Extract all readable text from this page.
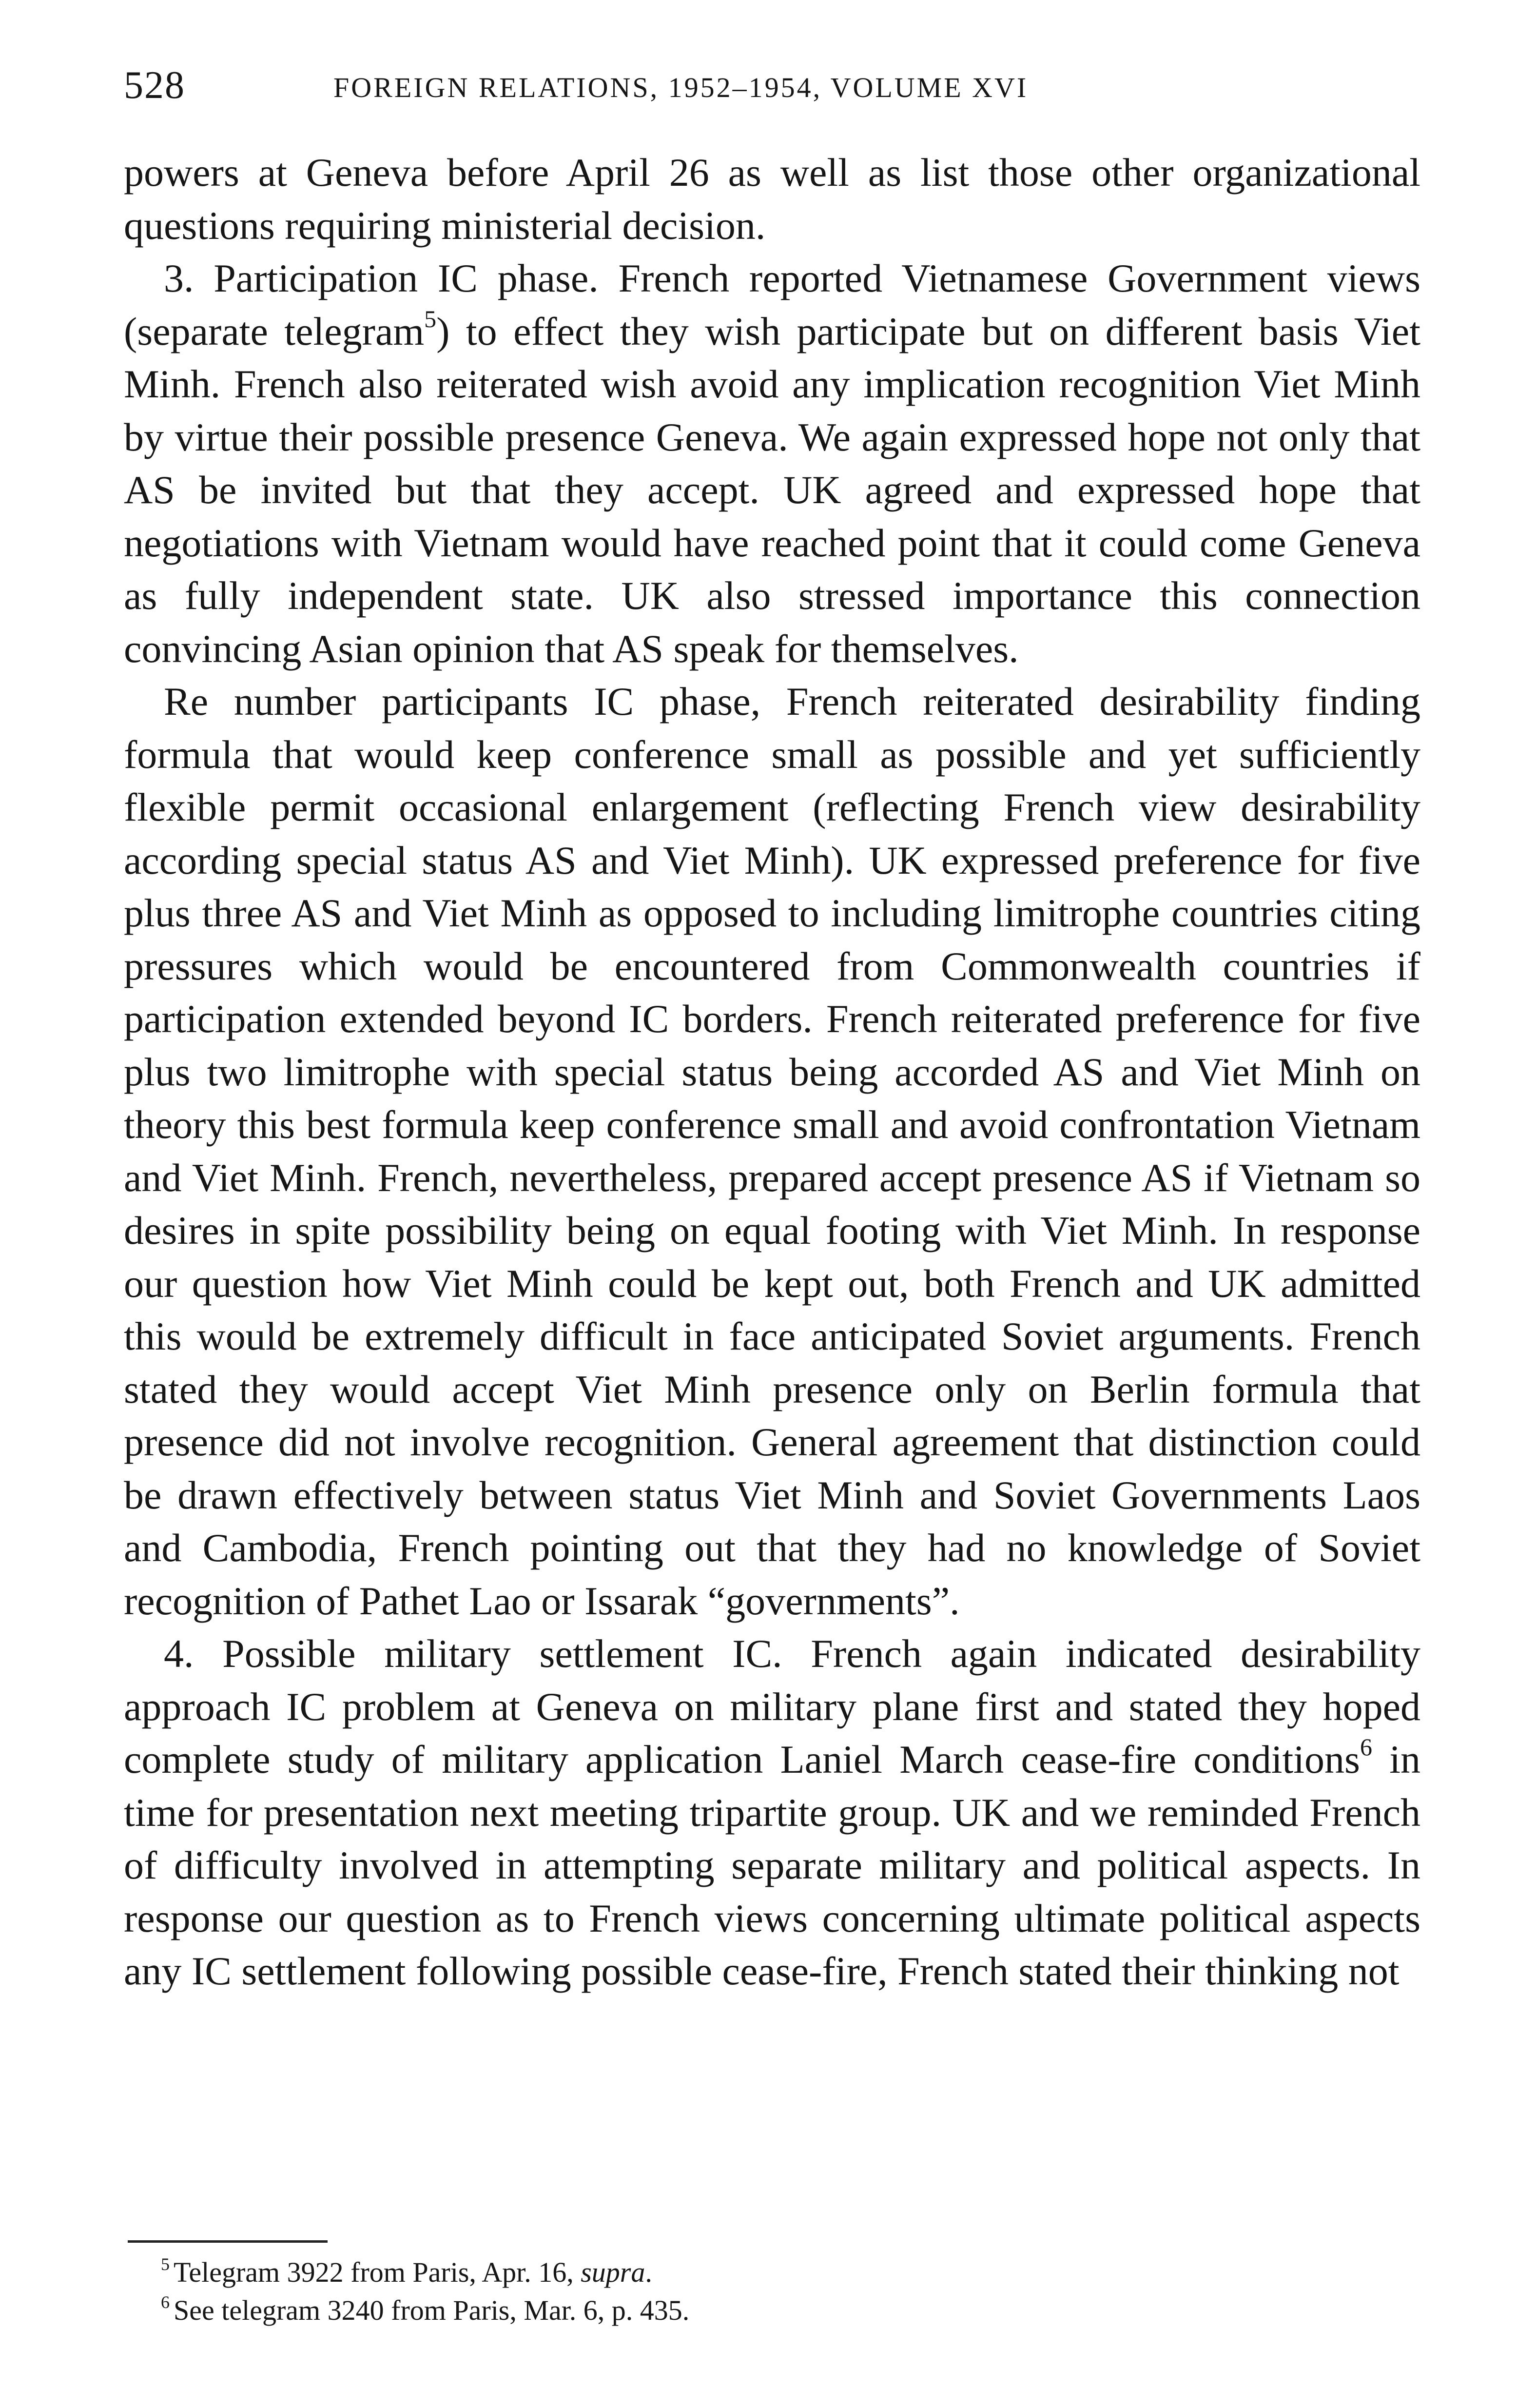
528	FOREIGN RELATIONS, 1952–1954, VOLUME XVI

powers at Geneva before April 26 as well as list those other organizational questions requiring ministerial decision.

3. Participation IC phase. French reported Vietnamese Government views (separate telegram$^5$) to effect they wish participate but on different basis Viet Minh. French also reiterated wish avoid any implication recognition Viet Minh by virtue their possible presence Geneva. We again expressed hope not only that AS be invited but that they accept. UK agreed and expressed hope that negotiations with Vietnam would have reached point that it could come Geneva as fully independent state. UK also stressed importance this connection convincing Asian opinion that AS speak for themselves.

Re number participants IC phase, French reiterated desirability finding formula that would keep conference small as possible and yet sufficiently flexible permit occasional enlargement (reflecting French view desirability according special status AS and Viet Minh). UK expressed preference for five plus three AS and Viet Minh as opposed to including limitrophe countries citing pressures which would be encountered from Commonwealth countries if participation extended beyond IC borders. French reiterated preference for five plus two limitrophe with special status being accorded AS and Viet Minh on theory this best formula keep conference small and avoid confrontation Vietnam and Viet Minh. French, nevertheless, prepared accept presence AS if Vietnam so desires in spite possibility being on equal footing with Viet Minh. In response our question how Viet Minh could be kept out, both French and UK admitted this would be extremely difficult in face anticipated Soviet arguments. French stated they would accept Viet Minh presence only on Berlin formula that presence did not involve recognition. General agreement that distinction could be drawn effectively between status Viet Minh and Soviet Governments Laos and Cambodia, French pointing out that they had no knowledge of Soviet recognition of Pathet Lao or Issarak “governments”.

4. Possible military settlement IC. French again indicated desirability approach IC problem at Geneva on military plane first and stated they hoped complete study of military application Laniel March cease-fire conditions$^6$ in time for presentation next meeting tripartite group. UK and we reminded French of difficulty involved in attempting separate military and political aspects. In response our question as to French views concerning ultimate political aspects any IC settlement following possible cease-fire, French stated their thinking not

$^5$ Telegram 3922 from Paris, Apr. 16, supra.

$^6$ See telegram 3240 from Paris, Mar. 6, p. 435.
